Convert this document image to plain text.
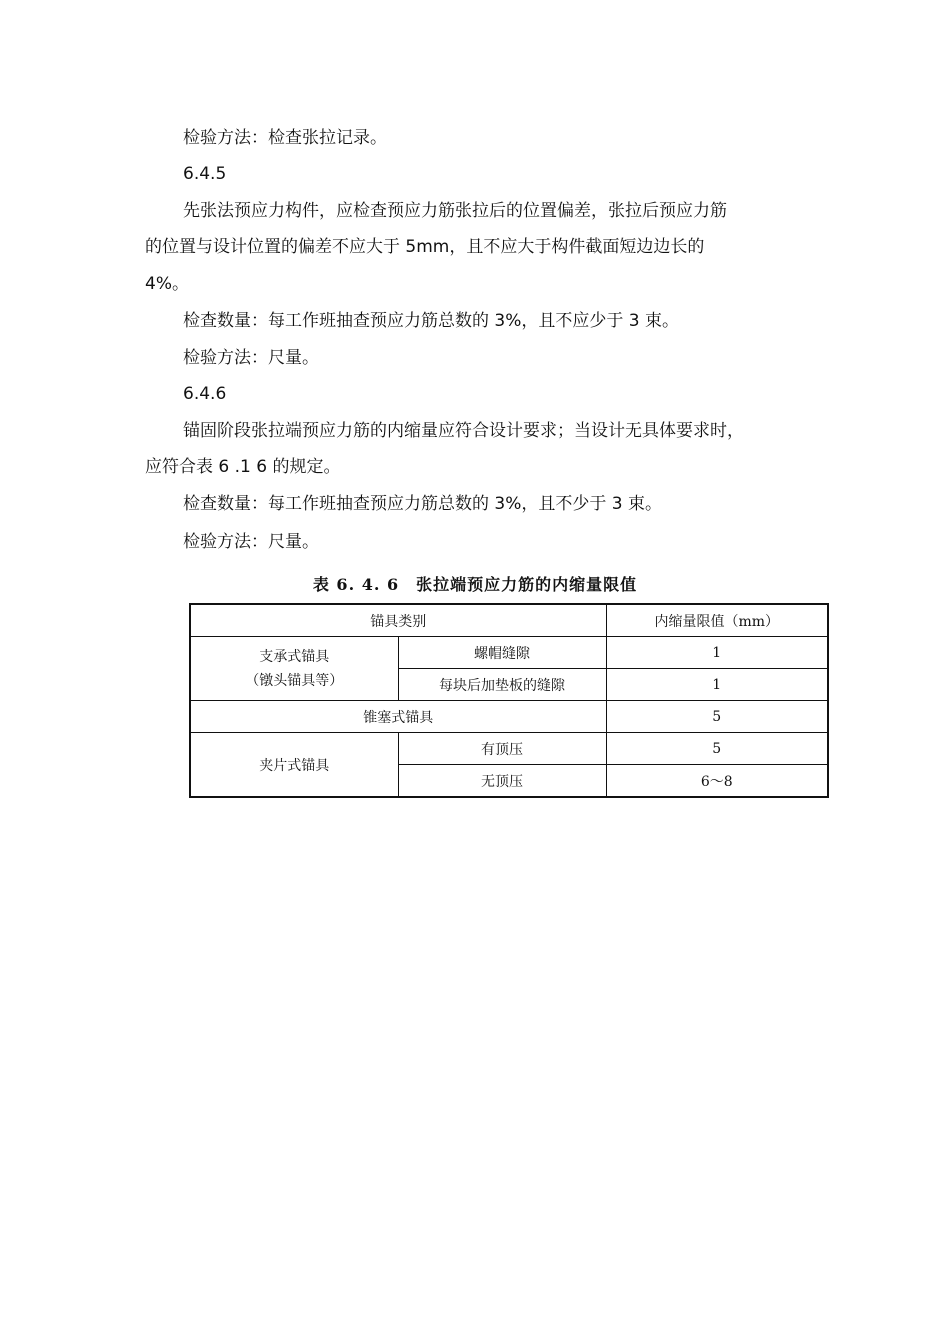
检验方法：检查张拉记录。
6.4.5
先张法预应力构件，应检查预应力筋张拉后的位置偏差，张拉后预应力筋
的位置与设计位置的偏差不应大于 5mm，且不应大于构件截面短边边长的
4%。
检查数量：每工作班抽查预应力筋总数的 3%，且不应少于 3 束。
检验方法：尺量。
6.4.6
锚固阶段张拉端预应力筋的内缩量应符合设计要求；当设计无具体要求时，
应符合表 6 .1 6 的规定。
检查数量：每工作班抽查预应力筋总数的 3%，且不少于 3 束。
检验方法：尺量。
表 6. 4. 6　张拉端预应力筋的内缩量限值
锚具类别		内缩量限值（mm）

支承式锚具
（镦头锚具等）	螺帽缝隙	1
	每块后加垫板的缝隙	1
锥塞式锚具		5
夹片式锚具	有顶压	5
	无顶压	6～8
